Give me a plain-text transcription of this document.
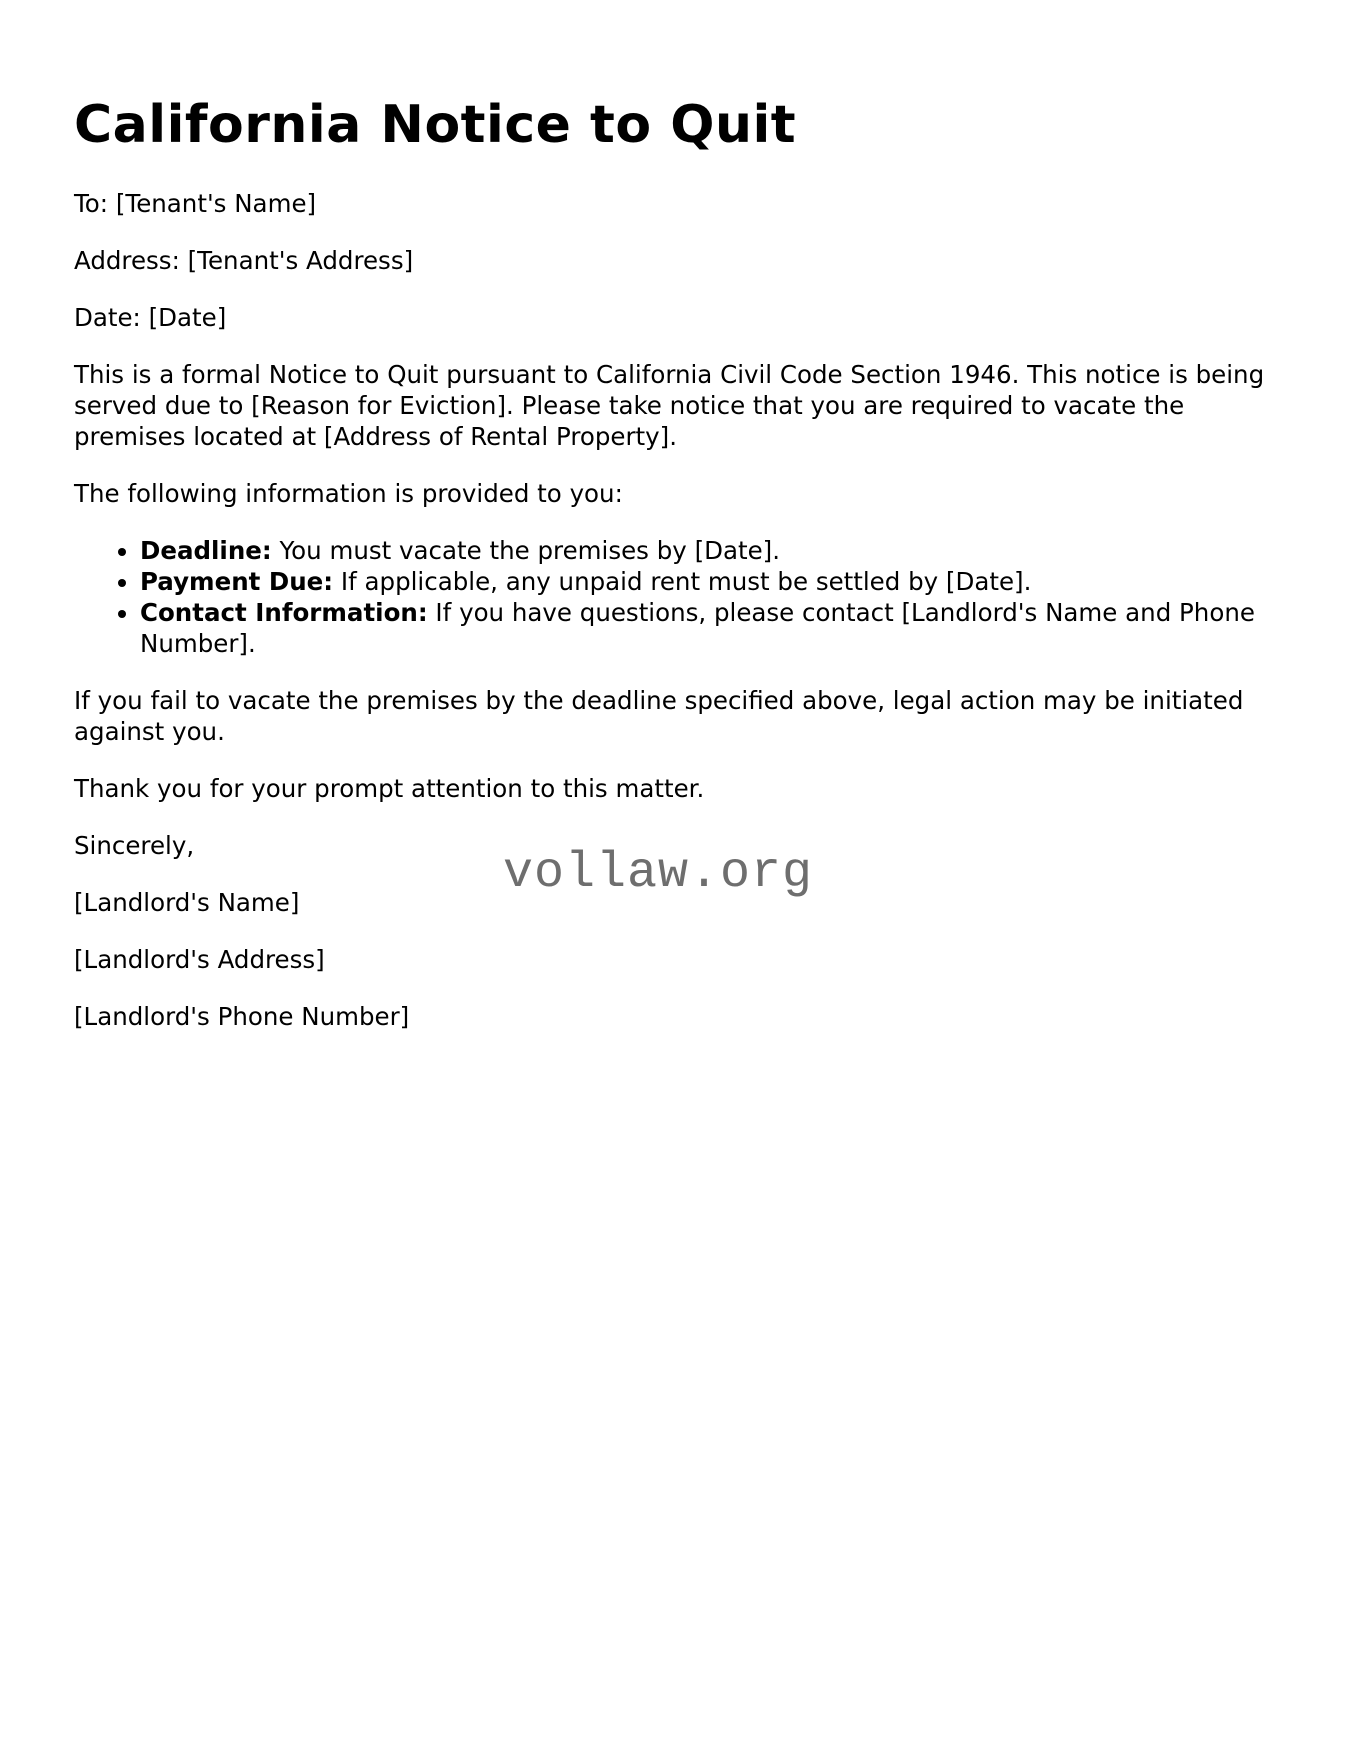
California Notice to Quit

To: [Tenant's Name]

Address: [Tenant's Address]

Date: [Date]

This is a formal Notice to Quit pursuant to California Civil Code Section 1946. This notice is being served due to [Reason for Eviction]. Please take notice that you are required to vacate the premises located at [Address of Rental Property].

The following information is provided to you:

• Deadline: You must vacate the premises by [Date].
• Payment Due: If applicable, any unpaid rent must be settled by [Date].
• Contact Information: If you have questions, please contact [Landlord's Name and Phone Number].

If you fail to vacate the premises by the deadline specified above, legal action may be initiated against you.

Thank you for your prompt attention to this matter.

Sincerely,

[Landlord's Name]

[Landlord's Address]

[Landlord's Phone Number]

vollaw.org
